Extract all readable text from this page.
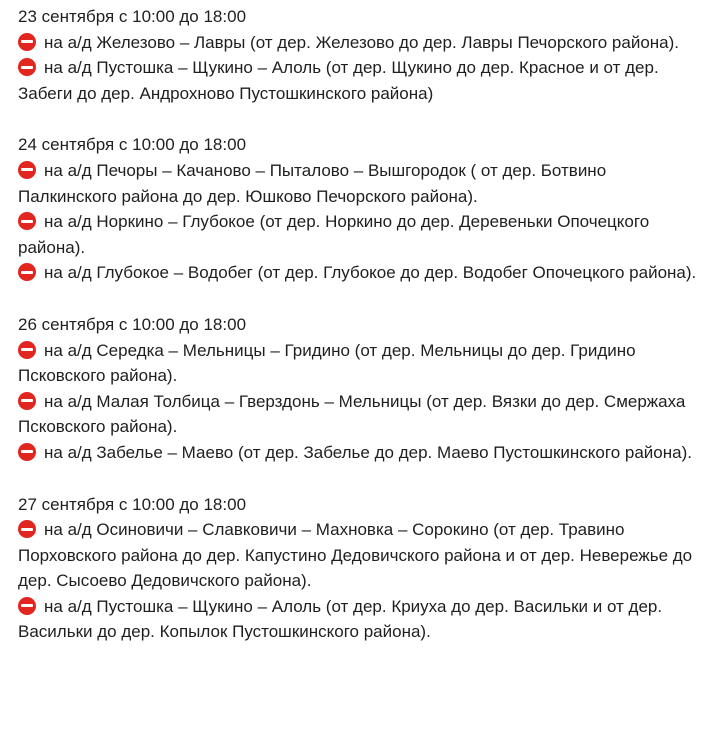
23 сентября с 10:00 до 18:00
на а/д Железово – Лавры (от дер. Железово до дер. Лавры Печорского района).
на а/д Пустошка – Щукино – Алоль (от дер. Щукино до дер. Красное и от дер. Забеги до дер. Андрохново Пустошкинского района)
24 сентября с 10:00 до 18:00
на а/д Печоры – Качаново – Пыталово – Вышгородок ( от дер. Ботвино Палкинского района до дер. Юшково Печорского района).
на а/д Норкино – Глубокое (от дер. Норкино до дер. Деревеньки Опочецкого района).
на а/д Глубокое – Водобег (от дер. Глубокое до дер. Водобег Опочецкого района).
26 сентября с 10:00 до 18:00
на а/д Середка – Мельницы – Гридино (от дер. Мельницы до дер. Гридино Псковского района).
на а/д Малая Толбица – Гверздонь – Мельницы (от дер. Вязки до дер. Смержаха Псковского района).
на а/д Забелье – Маево (от дер. Забелье до дер. Маево Пустошкинского района).
27 сентября с 10:00 до 18:00
на а/д Осиновичи – Славковичи – Махновка – Сорокино (от дер. Травино Порховского района до дер. Капустино Дедовичского района и от дер. Невережье до дер. Сысоево Дедовичского района).
на а/д Пустошка – Щукино – Алоль (от дер. Криуха до дер. Васильки и от дер. Васильки до дер. Копылок Пустошкинского района).
